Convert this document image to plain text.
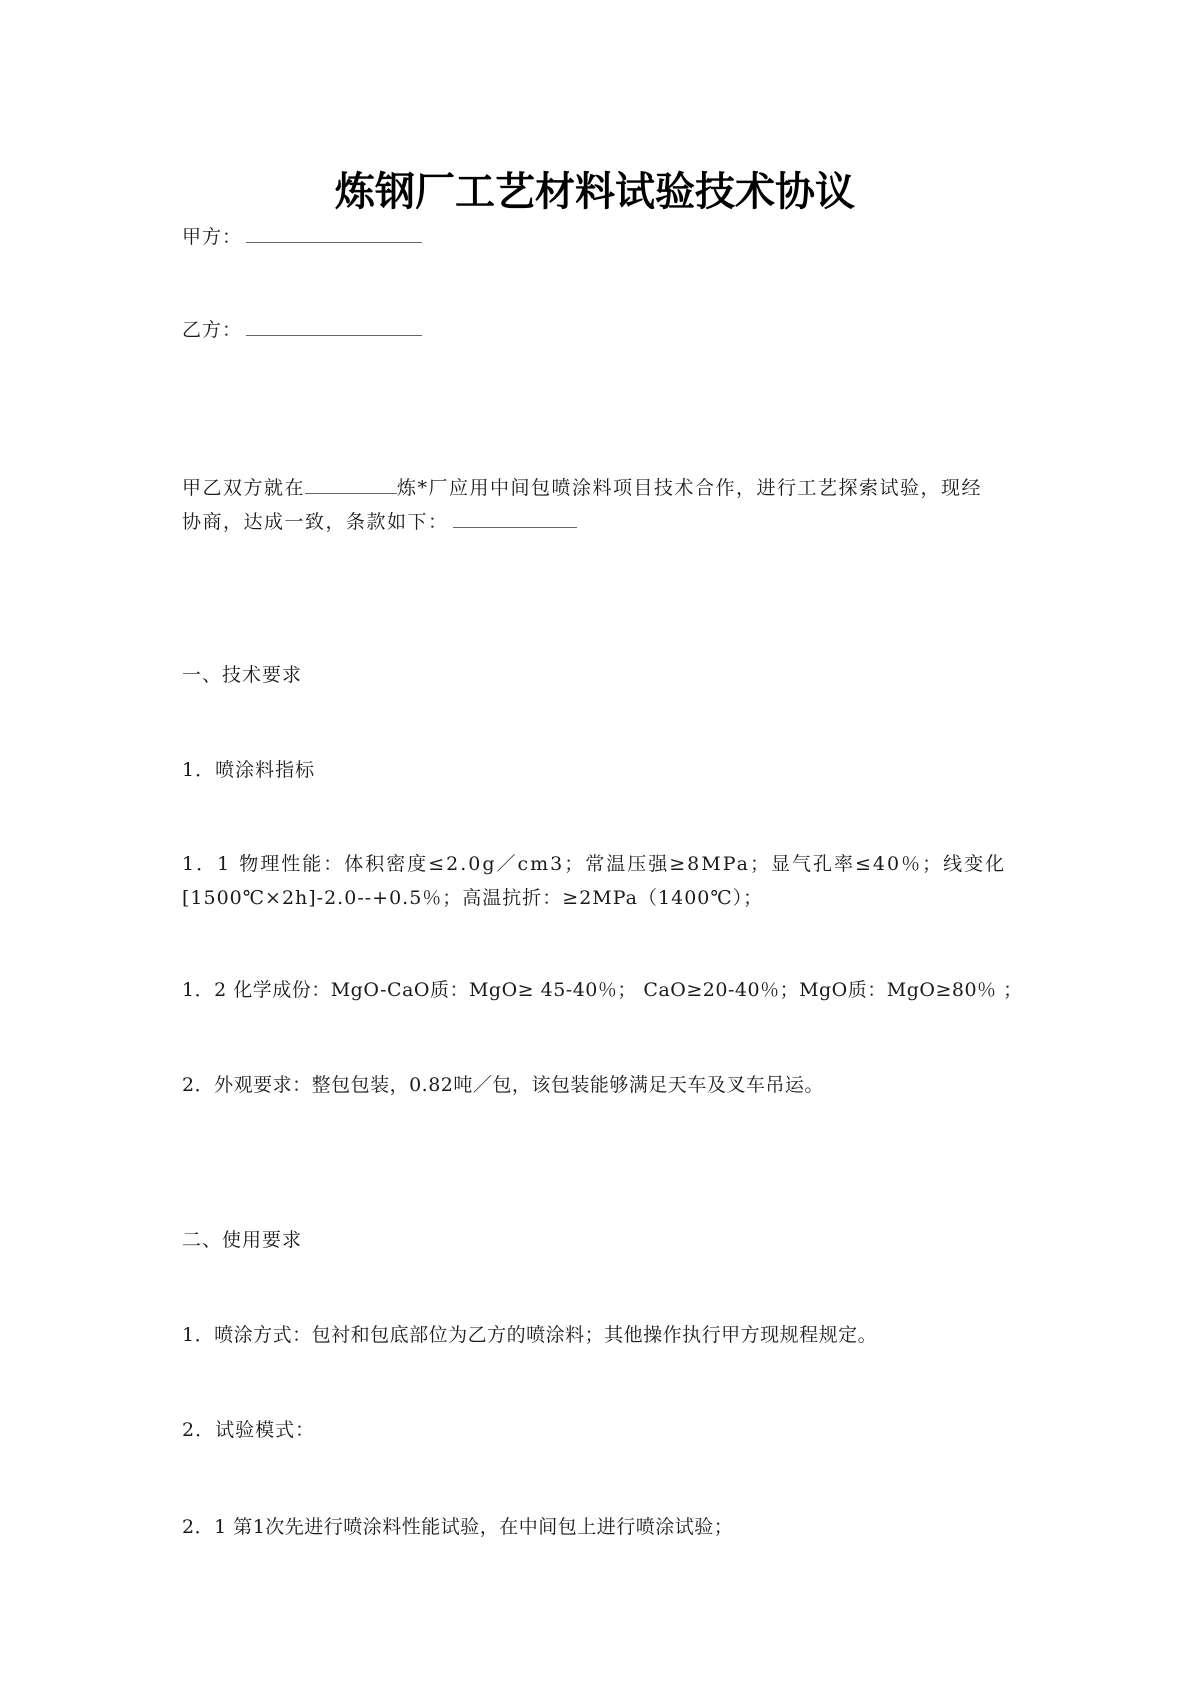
炼钢厂工艺材料试验技术协议
甲方：
乙方：
甲乙双方就在	炼*厂应用中间包喷涂料项目技术合作，进行工艺探索试验，现经
协商，达成一致，条款如下：
一、技术要求
1．喷涂料指标
1．1 物理性能：体积密度≤2.0g／cm3；常温压强≥8MPa；显气孔率≤40％；线变化
[1500℃×2h]-2.0--+0.5％；高温抗折：≥2MPa（1400℃）；
1．2 化学成份：MgO-CaO质：MgO≥ 45-40％； CaO≥20-40％；MgO质：MgO≥80％ ；
2．外观要求：整包包装，0.82吨／包，该包装能够满足天车及叉车吊运。
二、使用要求
1．喷涂方式：包衬和包底部位为乙方的喷涂料；其他操作执行甲方现规程规定。
2．试验模式：
2．1 第1次先进行喷涂料性能试验，在中间包上进行喷涂试验；
